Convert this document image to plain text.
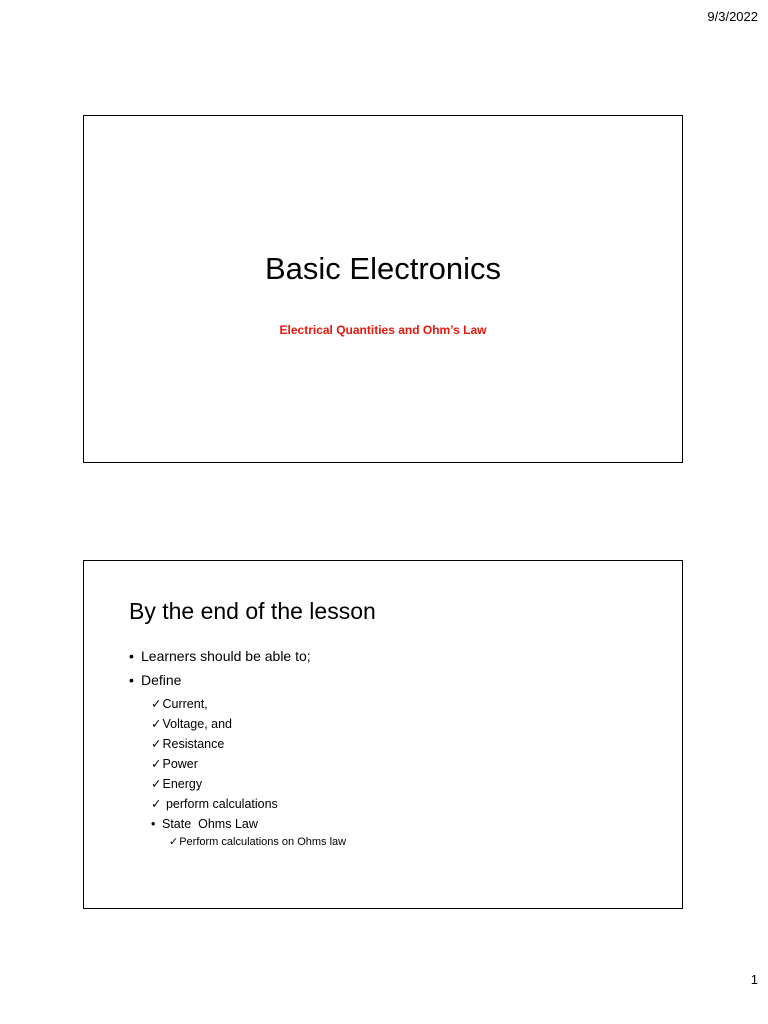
9/3/2022
Basic Electronics
Electrical Quantities and Ohm’s Law
By the end of the lesson
• Learners should be able to;
• Define
✓Current,
✓Voltage, and
✓Resistance
✓Power
✓Energy
✓ perform calculations
• State  Ohms Law
✓Perform calculations on Ohms law
1
